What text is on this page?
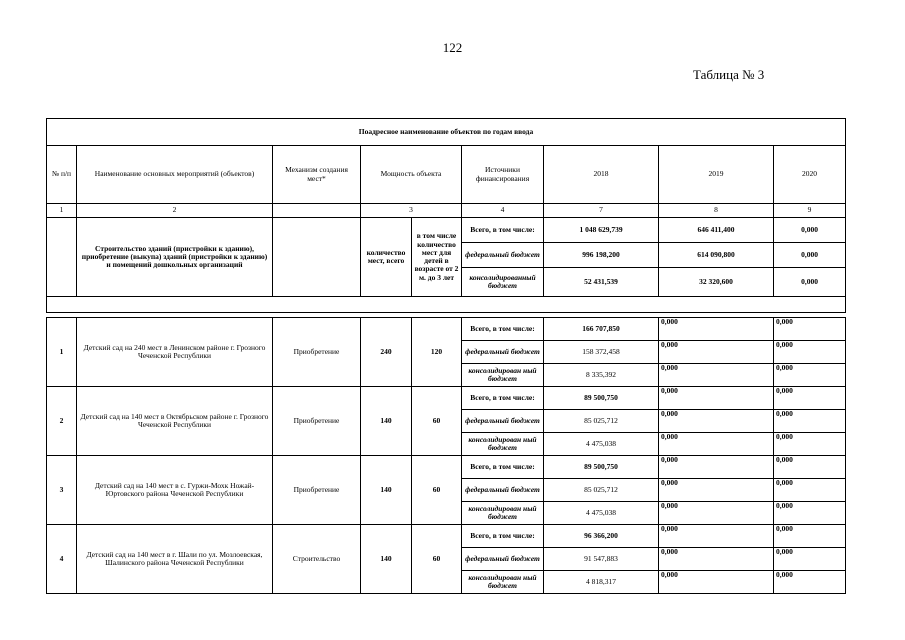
122
Таблица № 3
Поадресное наименование объектов по годам ввода								
№ п/п	Наименование основных мероприятий (объектов)	Механизм создания мест*	Мощность объекта		Источники финансирования	2018	2019	2020
1	2		3		4	7	8	9
	Строительство зданий (пристройки к зданию), приобретение (выкупа) зданий (пристройки к зданию) и помещений дошкольных организаций		количество мест, всего	в том числе количество мест для детей в возрасте от 2 м. до 3 лет	Всего, в том числе:	1 048 629,739	646 411,400	0,000
					федеральный бюджет	996 198,200	614 090,800	0,000
					консолидированный бюджет	52 431,539	32 320,600	0,000

1	Детский сад на 240 мест в Ленинском районе г. Грозного Чеченской Республики	Приобретение	240	120	Всего, в том числе:	166 707,850	0,000	0,000
					федеральный бюджет	158 372,458	0,000	0,000
					консолидирован ный бюджет	8 335,392	0,000	0,000
2	Детский сад на 140 мест в Октябрьском районе г. Грозного Чеченской Республики	Приобретение	140	60	Всего, в том числе:	89 500,750	0,000	0,000
					федеральный бюджет	85 025,712	0,000	0,000
					консолидирован ный бюджет	4 475,038	0,000	0,000
3	Детский сад на 140 мест в с. Гуржи-Мохк Ножай-Юртовского района Чеченской Республики	Приобретение	140	60	Всего, в том числе:	89 500,750	0,000	0,000
					федеральный бюджет	85 025,712	0,000	0,000
					консолидирован ный бюджет	4 475,038	0,000	0,000
4	Детский сад на 140 мест в г. Шали по ул. Мозлоевская, Шалинского района Чеченской Республики	Строительство	140	60	Всего, в том числе:	96 366,200	0,000	0,000
					федеральный бюджет	91 547,883	0,000	0,000
					консолидирован ный бюджет	4 818,317	0,000	0,000
